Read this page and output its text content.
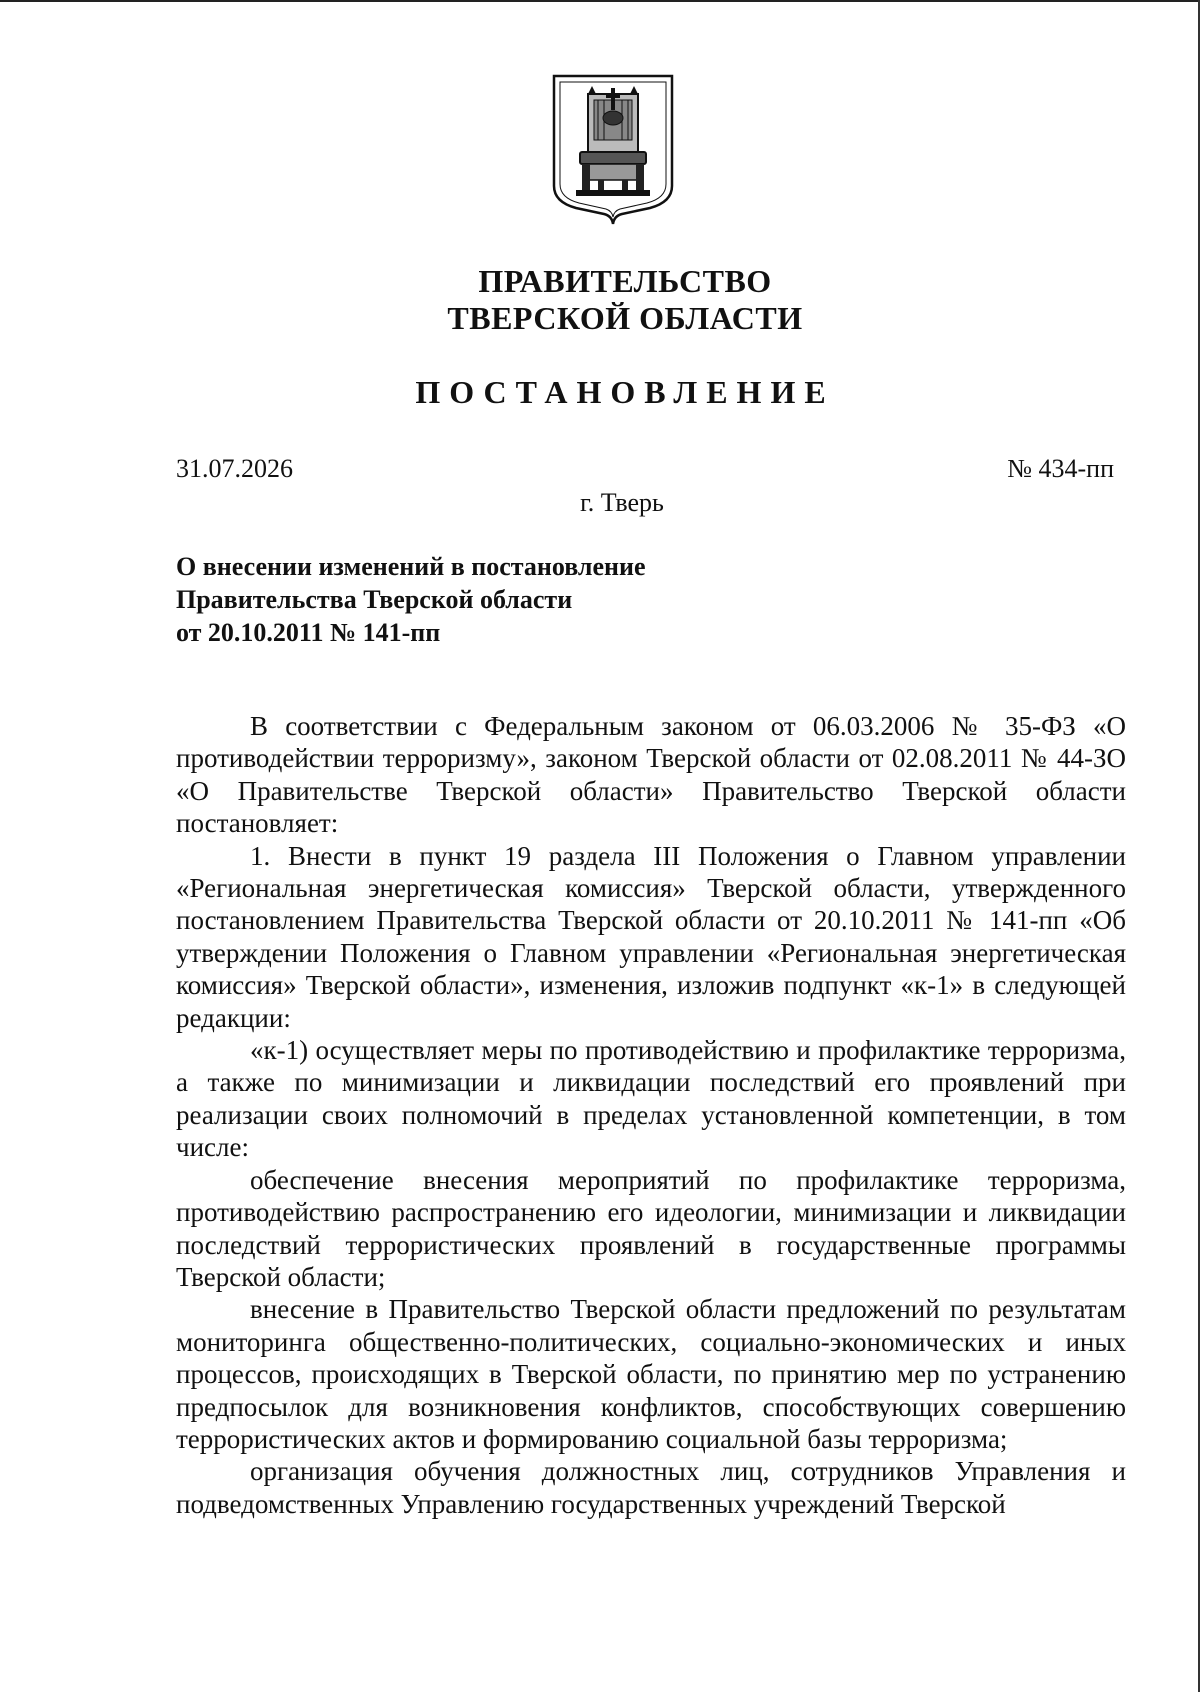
ПРАВИТЕЛЬСТВО
ТВЕРСКОЙ ОБЛАСТИ
ПОСТАНОВЛЕНИЕ
31.07.2026	№ 434-пп
г. Тверь
О внесении изменений в постановление
Правительства Тверской области
от 20.10.2011 № 141-пп

В соответствии с Федеральным законом от 06.03.2006 № 35-ФЗ «О противодействии терроризму», законом Тверской области от 02.08.2011 № 44-ЗО «О Правительстве Тверской области» Правительство Тверской области постановляет:

1. Внести в пункт 19 раздела III Положения о Главном управлении «Региональная энергетическая комиссия» Тверской области, утвержденного постановлением Правительства Тверской области от 20.10.2011 № 141-пп «Об утверждении Положения о Главном управлении «Региональная энергетическая комиссия» Тверской области», изменения, изложив подпункт «к-1» в следующей редакции:

«к-1) осуществляет меры по противодействию и профилактике терроризма, а также по минимизации и ликвидации последствий его проявлений при реализации своих полномочий в пределах установленной компетенции, в том числе:

обеспечение внесения мероприятий по профилактике терроризма, противодействию распространению его идеологии, минимизации и ликвидации последствий террористических проявлений в государственные программы Тверской области;

внесение в Правительство Тверской области предложений по результатам мониторинга общественно-политических, социально-экономических и иных процессов, происходящих в Тверской области, по принятию мер по устранению предпосылок для возникновения конфликтов, способствующих совершению террористических актов и формированию социальной базы терроризма;

организация обучения должностных лиц, сотрудников Управления и подведомственных Управлению государственных учреждений Тверской
